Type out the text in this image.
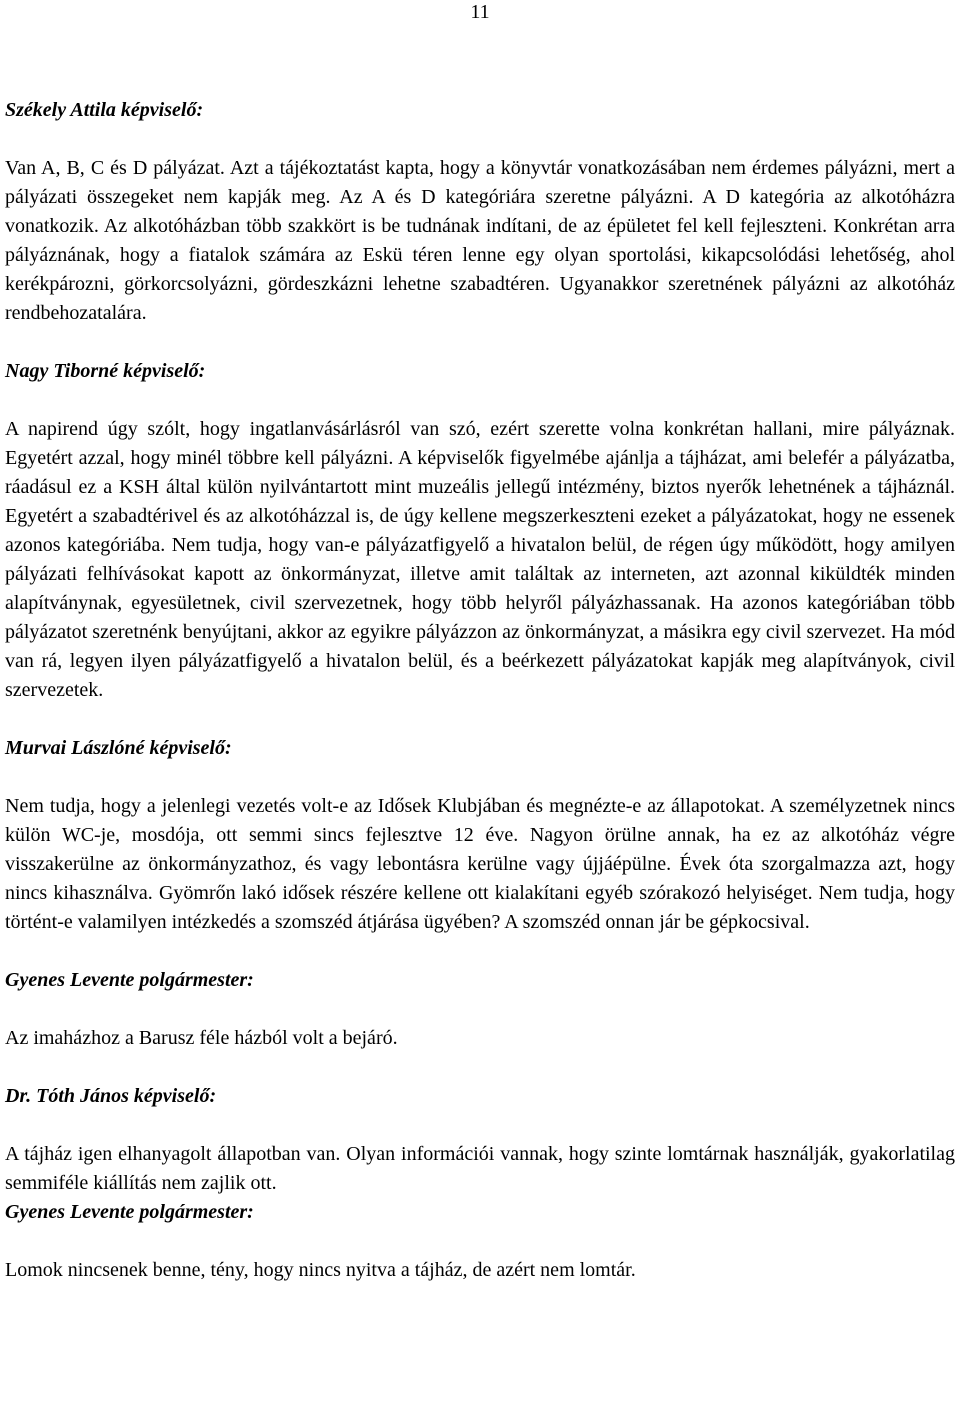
11

Székely Attila képviselő:

Van A, B, C és D pályázat. Azt a tájékoztatást kapta, hogy a könyvtár vonatkozásában nem érdemes pályázni, mert a pályázati összegeket nem kapják meg. Az A és D kategóriára szeretne pályázni. A D kategória az alkotóházra vonatkozik. Az alkotóházban több szakkört is be tudnának indítani, de az épületet fel kell fejleszteni. Konkrétan arra pályáznának, hogy a fiatalok számára az Eskü téren lenne egy olyan sportolási, kikapcsolódási lehetőség, ahol kerékpározni, görkorcsolyázni, gördeszkázni lehetne szabadtéren. Ugyanakkor szeretnének pályázni az alkotóház rendbehozatalára.

Nagy Tiborné képviselő:

A napirend úgy szólt, hogy ingatlanvásárlásról van szó, ezért szerette volna konkrétan hallani, mire pályáznak. Egyetért azzal, hogy minél többre kell pályázni. A képviselők figyelmébe ajánlja a tájházat, ami belefér a pályázatba, ráadásul ez a KSH által külön nyilvántartott mint muzeális jellegű intézmény, biztos nyerők lehetnének a tájháznál. Egyetért a szabadtérivel és az alkotóházzal is, de úgy kellene megszerkeszteni ezeket a pályázatokat, hogy ne essenek azonos kategóriába. Nem tudja, hogy van-e pályázatfigyelő a hivatalon belül, de régen úgy működött, hogy amilyen pályázati felhívásokat kapott az önkormányzat, illetve amit találtak az interneten, azt azonnal kiküldték minden alapítványnak, egyesületnek, civil szervezetnek, hogy több helyről pályázhassanak. Ha azonos kategóriában több pályázatot szeretnénk benyújtani, akkor az egyikre pályázzon az önkormányzat, a másikra egy civil szervezet. Ha mód van rá, legyen ilyen pályázatfigyelő a hivatalon belül, és a beérkezett pályázatokat kapják meg alapítványok, civil szervezetek.

Murvai Lászlóné képviselő:

Nem tudja, hogy a jelenlegi vezetés volt-e az Idősek Klubjában és megnézte-e az állapotokat. A személyzetnek nincs külön WC-je, mosdója, ott semmi sincs fejlesztve 12 éve. Nagyon örülne annak, ha ez az alkotóház végre visszakerülne az önkormányzathoz, és vagy lebontásra kerülne vagy újjáépülne. Évek óta szorgalmazza azt, hogy nincs kihasználva. Gyömrőn lakó idősek részére kellene ott kialakítani egyéb szórakozó helyiséget. Nem tudja, hogy történt-e valamilyen intézkedés a szomszéd átjárása ügyében? A szomszéd onnan jár be gépkocsival.

Gyenes Levente polgármester:

Az imaházhoz a Barusz féle házból volt a bejáró.

Dr. Tóth János képviselő:

A tájház igen elhanyagolt állapotban van. Olyan információi vannak, hogy szinte lomtárnak használják, gyakorlatilag semmiféle kiállítás nem zajlik ott.

Gyenes Levente polgármester:

Lomok nincsenek benne, tény, hogy nincs nyitva a tájház, de azért nem lomtár.
